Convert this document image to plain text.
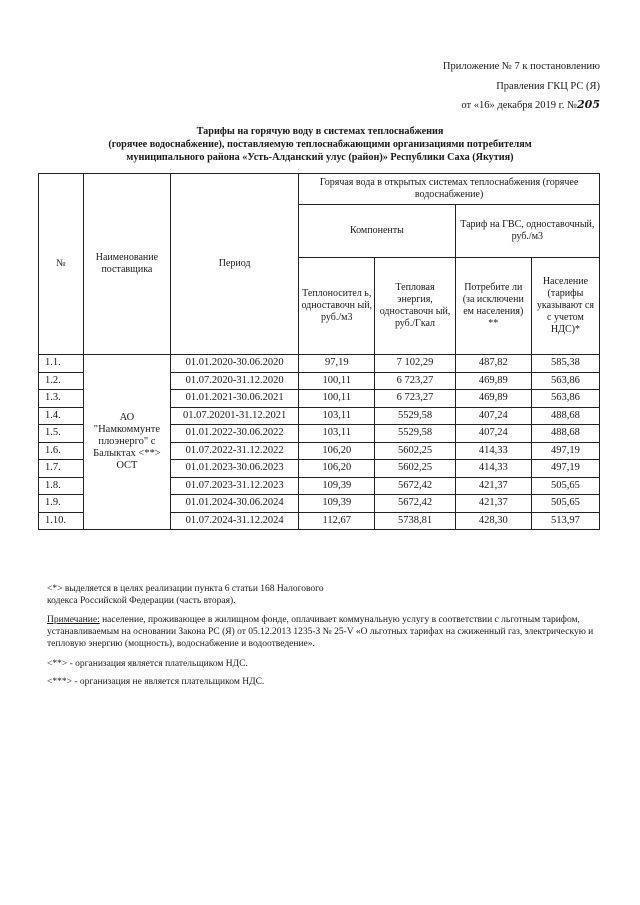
Приложение № 7 к постановлению
Правления ГКЦ РС (Я)
от «16» декабря 2019 г. №205
Тарифы на горячую воду в системах теплоснабжения
(горячее водоснабжение), поставляемую теплоснабжающими организациями потребителям
муниципального района «Усть-Алданский улус (район)» Республики Саха (Якутия)
№	Наименование поставщика	Период	Горячая вода в открытых системах теплоснабжения (горячее водоснабжение)			
			Компоненты		Тариф на ГВС, одноставочный, руб./м3	

			Теплоносител ь, одноставочн ый, руб./м3	Тепловая энергия, одноставочн ый, руб./Гкал	Потребите ли (за исключени ем населения) **	Население (тарифы указывают ся с учетом НДС)*
1.1.	АО "Намкоммунте плоэнерго" с Балыктах <**> ОСТ	01.01.2020-30.06.2020	97,19	7 102,29	487,82	585,38
1.2.		01.07.2020-31.12.2020	100,11	6 723,27	469,89	563,86
1.3.		01.01.2021-30.06.2021	100,11	6 723,27	469,89	563,86
1.4.		01.07.20201-31.12.2021	103,11	5529,58	407,24	488,68
1.5.		01.01.2022-30.06.2022	103,11	5529,58	407,24	488,68
1.6.		01.07.2022-31.12.2022	106,20	5602,25	414,33	497,19
1.7.		01.01.2023-30.06.2023	106,20	5602,25	414,33	497,19
1.8.		01.07.2023-31.12.2023	109,39	5672,42	421,37	505,65
1.9.		01.01.2024-30.06.2024	109,39	5672,42	421,37	505,65
1.10.		01.07.2024-31.12.2024	112,67	5738,81	428,30	513,97

<*> выделяется в целях реализации пункта 6 статьи 168 Налогового

кодекса Российской Федерации (часть вторая).

Примечание: население, проживающее в жилищном фонде, оплачивает коммунальную услугу в соответствии с льготным тарифом, устанавливаемым на основании Закона РС (Я) от 05.12.2013 1235-З № 25-V «О льготных тарифах на сжиженный газ, электрическую и тепловую энергию (мощность), водоснабжение и водоотведение».

<**> - организация является плательщиком НДС.

<***> - организация не является плательщиком НДС.
